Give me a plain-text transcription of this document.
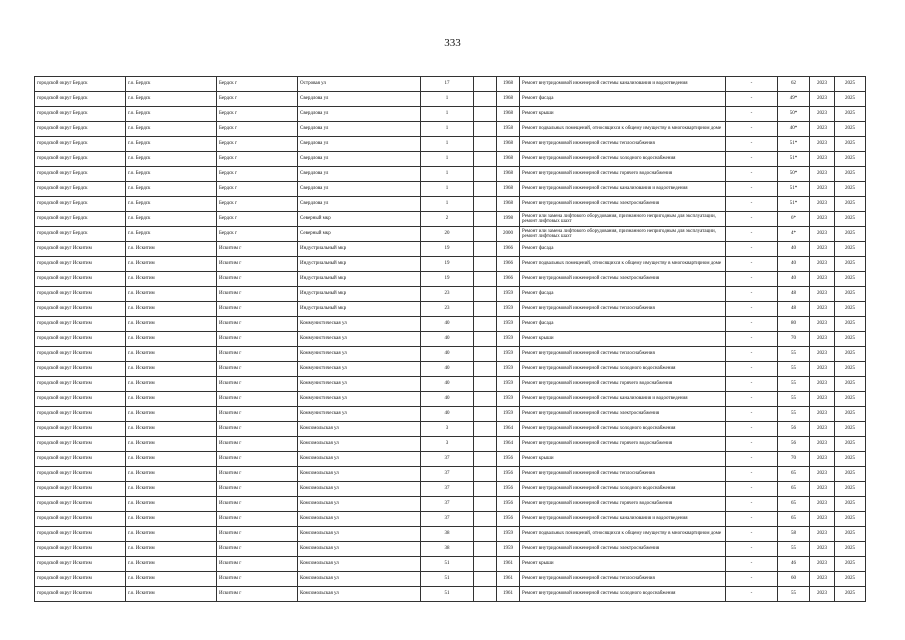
333
городской округ Бердск	г.о. Бердск	Бердск г	Островая ул	17		1968	Ремонт внутридомовой инженерной системы канализования и водоотведения	-	62	2023	2025
городской округ Бердск	г.о. Бердск	Бердск г	Свердлова ул	1		1968	Ремонт фасада	-	49*	2023	2025
городской округ Бердск	г.о. Бердск	Бердск г	Свердлова ул	1		1968	Ремонт крыши	-	50*	2023	2025
городской округ Бердск	г.о. Бердск	Бердск г	Свердлова ул	1		1958	Ремонт подвальных помещений, относящихся к общему имуществу в многоквартирном доме	-	40*	2023	2025
городской округ Бердск	г.о. Бердск	Бердск г	Свердлова ул	1		1968	Ремонт внутридомовой инженерной системы теплоснабжения	-	51*	2023	2025
городской округ Бердск	г.о. Бердск	Бердск г	Свердлова ул	1		1968	Ремонт внутридомовой инженерной системы холодного водоснабжения	-	51*	2023	2025
городской округ Бердск	г.о. Бердск	Бердск г	Свердлова ул	1		1968	Ремонт внутридомовой инженерной системы горячего водоснабжения	-	50*	2023	2025
городской округ Бердск	г.о. Бердск	Бердск г	Свердлова ул	1		1968	Ремонт внутридомовой инженерной системы канализования и водоотведения	-	51*	2023	2025
городской округ Бердск	г.о. Бердск	Бердск г	Свердлова ул	1		1968	Ремонт внутридомовой инженерной системы электроснабжения	-	51*	2023	2025
городской округ Бердск	г.о. Бердск	Бердск г	Северный мкр	2		1998	Ремонт или замена лифтового оборудования, признанного непригодным для эксплуатации, ремонт лифтовых шахт	-	6*	2023	2025
городской округ Бердск	г.о. Бердск	Бердск г	Северный мкр	20		2000	Ремонт или замена лифтового оборудования, признанного непригодным для эксплуатации, ремонт лифтовых шахт	-	4*	2023	2025
городской округ Искитим	г.о. Искитим	Искитим г	Индустриальный мкр	19		1966	Ремонт фасада	-	40	2023	2025
городской округ Искитим	г.о. Искитим	Искитим г	Индустриальный мкр	19		1966	Ремонт подвальных помещений, относящихся к общему имуществу в многоквартирном доме	-	40	2023	2025
городской округ Искитим	г.о. Искитим	Искитим г	Индустриальный мкр	19		1966	Ремонт внутридомовой инженерной системы электроснабжения	-	40	2023	2025
городской округ Искитим	г.о. Искитим	Искитим г	Индустриальный мкр	23		1959	Ремонт фасада	-	48	2023	2025
городской округ Искитим	г.о. Искитим	Искитим г	Индустриальный мкр	23		1959	Ремонт внутридомовой инженерной системы теплоснабжения	-	48	2023	2025
городской округ Искитим	г.о. Искитим	Искитим г	Коммунистическая ул	40		1959	Ремонт фасада	-	80	2023	2025
городской округ Искитим	г.о. Искитим	Искитим г	Коммунистическая ул	40		1959	Ремонт крыши	-	70	2023	2025
городской округ Искитим	г.о. Искитим	Искитим г	Коммунистическая ул	40		1959	Ремонт внутридомовой инженерной системы теплоснабжения	-	55	2023	2025
городской округ Искитим	г.о. Искитим	Искитим г	Коммунистическая ул	40		1959	Ремонт внутридомовой инженерной системы холодного водоснабжения	-	55	2023	2025
городской округ Искитим	г.о. Искитим	Искитим г	Коммунистическая ул	40		1959	Ремонт внутридомовой инженерной системы горячего водоснабжения	-	55	2023	2025
городской округ Искитим	г.о. Искитим	Искитим г	Коммунистическая ул	40		1959	Ремонт внутридомовой инженерной системы канализования и водоотведения	-	55	2023	2025
городской округ Искитим	г.о. Искитим	Искитим г	Коммунистическая ул	40		1959	Ремонт внутридомовой инженерной системы электроснабжения	-	55	2023	2025
городской округ Искитим	г.о. Искитим	Искитим г	Комсомольская ул	3		1964	Ремонт внутридомовой инженерной системы холодного водоснабжения	-	56	2023	2025
городской округ Искитим	г.о. Искитим	Искитим г	Комсомольская ул	3		1964	Ремонт внутридомовой инженерной системы горячего водоснабжения	-	56	2023	2025
городской округ Искитим	г.о. Искитим	Искитим г	Комсомольская ул	37		1956	Ремонт крыши	-	70	2023	2025
городской округ Искитим	г.о. Искитим	Искитим г	Комсомольская ул	37		1956	Ремонт внутридомовой инженерной системы теплоснабжения	-	65	2023	2025
городской округ Искитим	г.о. Искитим	Искитим г	Комсомольская ул	37		1956	Ремонт внутридомовой инженерной системы холодного водоснабжения	-	65	2023	2025
городской округ Искитим	г.о. Искитим	Искитим г	Комсомольская ул	37		1956	Ремонт внутридомовой инженерной системы горячего водоснабжения	-	65	2023	2025
городской округ Искитим	г.о. Искитим	Искитим г	Комсомольская ул	37		1956	Ремонт внутридомовой инженерной системы канализования и водоотведения	-	65	2023	2025
городской округ Искитим	г.о. Искитим	Искитим г	Комсомольская ул	38		1959	Ремонт подвальных помещений, относящихся к общему имуществу в многоквартирном доме	-	58	2023	2025
городской округ Искитим	г.о. Искитим	Искитим г	Комсомольская ул	38		1959	Ремонт внутридомовой инженерной системы электроснабжения	-	55	2023	2025
городской округ Искитим	г.о. Искитим	Искитим г	Комсомольская ул	51		1961	Ремонт крыши	-	46	2023	2025
городской округ Искитим	г.о. Искитим	Искитим г	Комсомольская ул	51		1961	Ремонт внутридомовой инженерной системы теплоснабжения	-	60	2023	2025
городской округ Искитим	г.о. Искитим	Искитим г	Комсомольская ул	51		1961	Ремонт внутридомовой инженерной системы холодного водоснабжения	-	55	2023	2025
